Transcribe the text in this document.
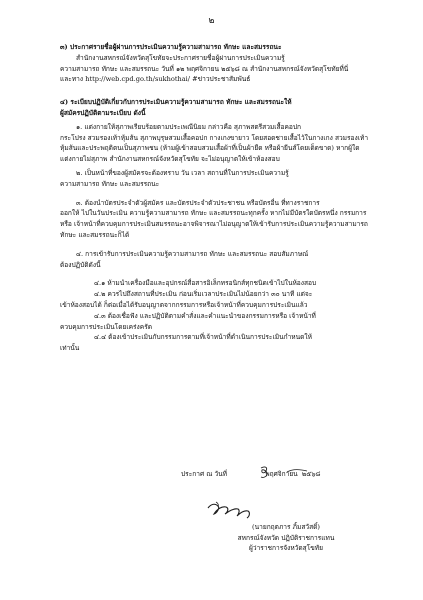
๒

๓) ประกาศรายชื่อผู้ผ่านการประเมินความรู้ความสามารถ ทักษะ และสมรรถนะ

สำนักงานสหกรณ์จังหวัดสุโขทัยจะประกาศรายชื่อผู้ผ่านการประเมินความรู้

ความสามารถ ทักษะ และสมรรถนะ วันที่ ๑๒ พฤศจิกายน ๒๕๖๘ ณ สำนักงานสหกรณ์จังหวัดสุโขทัยที่นี่

และทาง http://web.cpd.go.th/sukhothai/ #ข่าวประชาสัมพันธ์

๔) ระเบียบปฏิบัติเกี่ยวกับการประเมินความรู้ความสามารถ ทักษะ และสมรรถนะให้

ผู้สมัครปฏิบัติตามระเบียบ ดังนี้

๑. แต่งกายให้สุภาพเรียบร้อยตามประเพณีนิยม กล่าวคือ สุภาพสตรีสวมเสื้อคอปก

กระโปรง สวมรองเท้าหุ้มส้น สุภาพบุรุษสวมเสื้อคอปก กางเกงขายาว โดยสอดชายเสื้อไว้ในกางเกง สวมรองเท้า

หุ้มส้นและประพฤติตนเป็นสุภาพชน (ห้ามผู้เข้าสอบสวมเสื้อผ้าที่เป็นผ้ายืด หรือผ้ายีนส์โดยเด็ดขาด) หากผู้ใด

แต่งกายไม่สุภาพ สำนักงานสหกรณ์จังหวัดสุโขทัย จะไม่อนุญาตให้เข้าห้องสอบ

๒. เป็นหน้าที่ของผู้สมัครจะต้องทราบ วัน เวลา สถานที่ในการประเมินความรู้

ความสามารถ ทักษะ และสมรรถนะ

๓. ต้องนำบัตรประจำตัวผู้สมัคร และบัตรประจำตัวประชาชน หรือบัตรอื่น ที่ทางราชการ

ออกให้ ไปในวันประเมิน ความรู้ความสามารถ ทักษะ และสมรรถนะทุกครั้ง หากไม่มีบัตรใดบัตรหนึ่ง กรรมการ

หรือ เจ้าหน้าที่ควบคุมการประเมินสมรรถนะอาจพิจารณาไม่อนุญาตให้เข้ารับการประเมินความรู้ความสามารถ

ทักษะ และสมรรถนะก็ได้

๔. การเข้ารับการประเมินความรู้ความสามารถ ทักษะ และสมรรถนะ สอบสัมภาษณ์

ต้องปฏิบัติดังนี้

๔.๑ ห้ามนำเครื่องมือและอุปกรณ์สื่อสารอิเล็กทรอนิกส์ทุกชนิดเข้าไปในห้องสอบ

๔.๒ ควรไปถึงสถานที่ประเมิน ก่อนเริ่มเวลาประเมินไม่น้อยกว่า ๓๐ นาที แต่จะ

เข้าห้องสอบได้ ก็ต่อเมื่อได้รับอนุญาตจากกรรมการหรือเจ้าหน้าที่ควบคุมการประเมินแล้ว

๔.๓ ต้องเชื่อฟัง และปฏิบัติตามคำสั่งและคำแนะนำของกรรมการหรือ เจ้าหน้าที่

ควบคุมการประเมินโดยเคร่งครัด

๔.๔ ต้องเข้าประเมินกับกรรมการตามที่เจ้าหน้าที่ดำเนินการประเมินกำหนดให้

เท่านั้น

ประกาศ ณ วันที่	พฤศจิกายน  ๒๕๖๘

(นายกฤตภาร ภิ้มสวัสดิ์)

สหกรณ์จังหวัด ปฏิบัติราชการแทน

ผู้ว่าราชการจังหวัดสุโขทัย
